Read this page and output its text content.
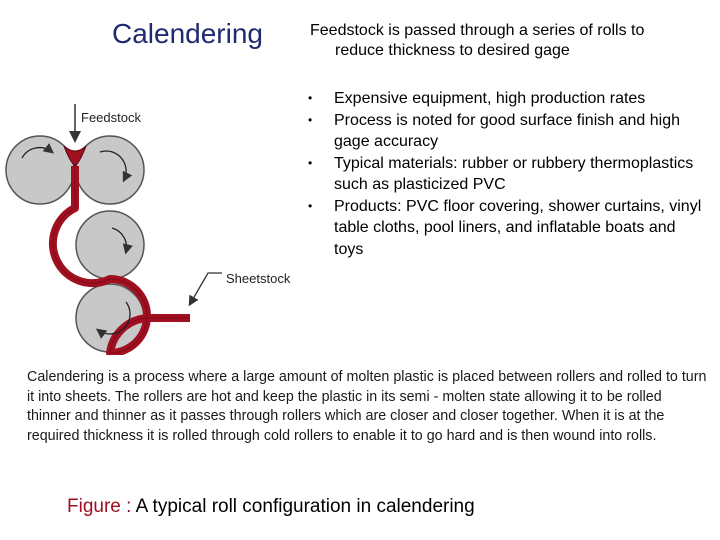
Calendering	Feedstock is passed through a series of rolls to
reduce thickness to desired gage
• Expensive equipment, high production rates
• Process is noted for good surface finish and high gage accuracy
• Typical materials: rubber or rubbery thermoplastics such as plasticized PVC
• Products: PVC floor covering, shower curtains, vinyl table cloths, pool liners, and inflatable boats and toys
Feedstock
Sheetstock
Calendering is a process where a large amount of molten plastic is placed between rollers and rolled to turn it into sheets. The rollers are hot and keep the plastic in its semi - molten state allowing it to be rolled thinner and thinner as it passes through rollers which are closer and closer together. When it is at the required thickness it is rolled through cold rollers to enable it to go hard and is then wound into rolls.
Figure : A typical roll configuration in calendering
